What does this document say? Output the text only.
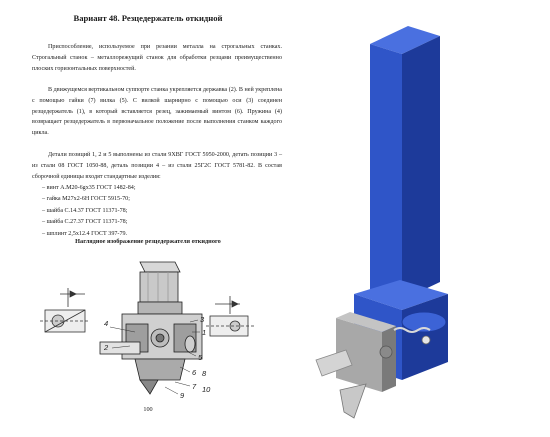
Вариант 48. Резцедержатель откидной

Приспособление, используемое при резании металла на строгальных станках. Строгальный станок – металлорежущий станок для обработки резцами преимущественно плоских горизонтальных поверхностей.

В движущемся вертикальном суппорте станка укрепляется державка (2). В ней укреплена с помощью гайки (7) вилка (5). С вилкой шарнирно с помощью оси (3) соединен резцедержатель (1), в который вставляется резец, зажимаемый винтом (6). Пружина (4) возвращает резцедержатель в первоначальное положение после выполнения станком каждого цикла.

Детали позиций 1, 2 и 5 выполнены из стали 9ХВГ ГОСТ 5950-2000, детать позиции 3 – из стали 08 ГОСТ 1050-88, деталь позиции 4 – из стали 25Г2С ГОСТ 5781-82. В состав сборочной единицы входят стандартные изделия:

– винт А.М20-6gх35 ГОСТ 1482-84;
– гайка М27х2-6Н ГОСТ 5915-70;
– шайба С.14.37 ГОСТ 11371-78;
– шайба С.27.37 ГОСТ 11371-78;
– шплинт 2,5х12.4 ГОСТ 397-79.
Наглядное изображение резцедержателя откидного
4
2
3
1
5
6
7
8
9
10
100
